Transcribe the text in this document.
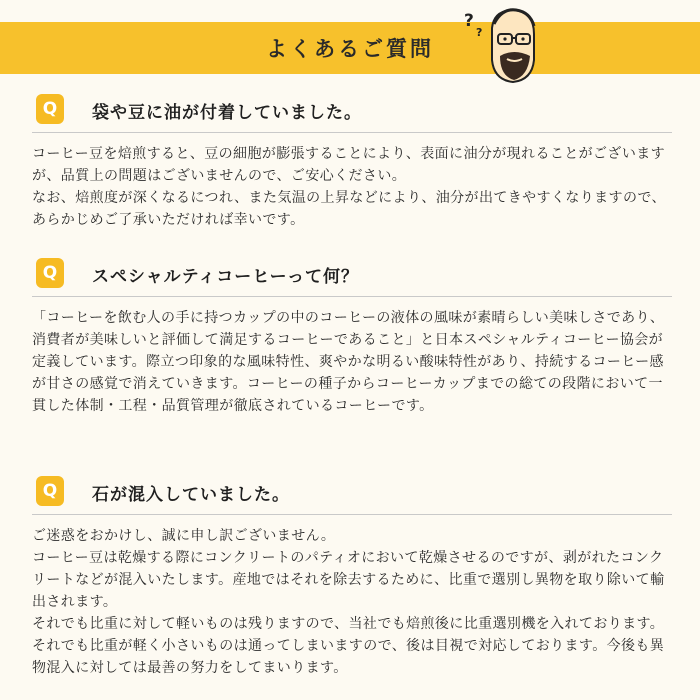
よくあるご質問
?
?
Q	袋や豆に油が付着していました。

コーヒー豆を焙煎すると、豆の細胞が膨張することにより、表面に油分が現れることがございますが、品質上の問題はございませんので、ご安心ください。

なお、焙煎度が深くなるにつれ、また気温の上昇などにより、油分が出てきやすくなりますので、あらかじめご了承いただければ幸いです。

Q	スペシャルティコーヒーって何？

「コーヒーを飲む人の手に持つカップの中のコーヒーの液体の風味が素晴らしい美味しさであり、消費者が美味しいと評価して満足するコーヒーであること」と日本スペシャルティコーヒー協会が定義しています。際立つ印象的な風味特性、爽やかな明るい酸味特性があり、持続するコーヒー感が甘さの感覚で消えていきます。コーヒーの種子からコーヒーカップまでの総ての段階において一貫した体制・工程・品質管理が徹底されているコーヒーです。

Q	石が混入していました。

ご迷惑をおかけし、誠に申し訳ございません。

コーヒー豆は乾燥する際にコンクリートのパティオにおいて乾燥させるのですが、剥がれたコンクリートなどが混入いたします。産地ではそれを除去するために、比重で選別し異物を取り除いて輸出されます。

それでも比重に対して軽いものは残りますので、当社でも焙煎後に比重選別機を入れております。それでも比重が軽く小さいものは通ってしまいますので、後は目視で対応しております。今後も異物混入に対しては最善の努力をしてまいります。
